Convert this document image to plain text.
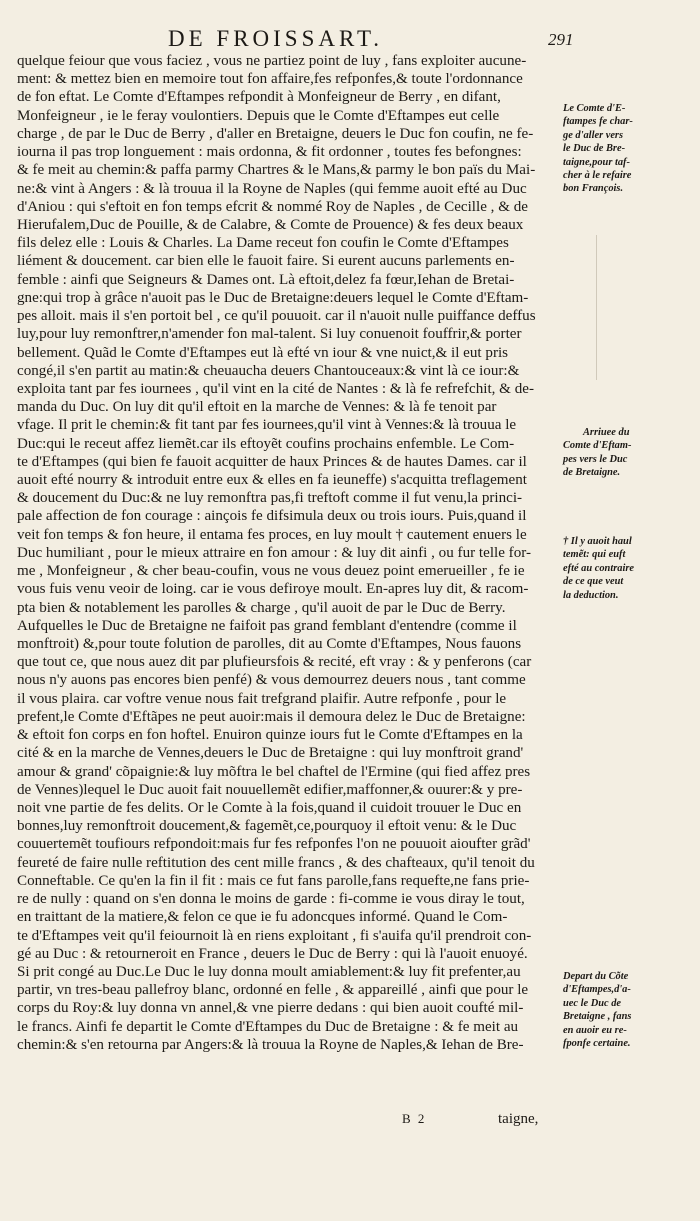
DE FROISSART.	291
quelque feiour que vous faciez , vous ne partiez point de luy , fans exploiter aucune-
ment: & mettez bien en memoire tout fon affaire,fes refponfes,& toute l'ordonnance
de fon eftat. Le Comte d'Eftampes refpondit à Monfeigneur de Berry , en difant,
Monfeigneur , ie le feray voulontiers. Depuis que le Comte d'Eftampes eut celle
charge , de par le Duc de Berry , d'aller en Bretaigne, deuers le Duc fon coufin, ne fe-
iourna il pas trop longuement : mais ordonna, & fit ordonner , toutes fes befongnes:
& fe meit au chemin:& paffa parmy Chartres & le Mans,& parmy le bon païs du Mai-
ne:& vint à Angers : & là trouua il la Royne de Naples (qui femme auoit efté au Duc
d'Aniou : qui s'eftoit en fon temps efcrit & nommé Roy de Naples , de Cecille , & de
Hierufalem,Duc de Pouille, & de Calabre, & Comte de Prouence) & fes deux beaux
fils delez elle : Louis & Charles. La Dame receut fon coufin le Comte d'Eftampes
liément & doucement. car bien elle le fauoit faire. Si eurent aucuns parlements en-
femble : ainfi que Seigneurs & Dames ont. Là eftoit,delez fa fœur,Iehan de Bretai-
gne:qui trop à grâce n'auoit pas le Duc de Bretaigne:deuers lequel le Comte d'Eftam-
pes alloit. mais il s'en portoit bel , ce qu'il pouuoit. car il n'auoit nulle puiffance deffus
luy,pour luy remonftrer,n'amender fon mal-talent. Si luy conuenoit fouffrir,& porter
bellement. Quãd le Comte d'Eftampes eut là efté vn iour & vne nuict,& il eut pris
congé,il s'en partit au matin:& cheuaucha deuers Chantouceaux:& vint là ce iour:&
exploita tant par fes iournees , qu'il vint en la cité de Nantes : & là fe refrefchit, & de-
manda du Duc. On luy dit qu'il eftoit en la marche de Vennes: & là fe tenoit par
vfage. Il prit le chemin:& fit tant par fes iournees,qu'il vint à Vennes:& là trouua le
Duc:qui le receut affez liemẽt.car ils eftoyẽt coufins prochains enfemble. Le Com-
te d'Eftampes (qui bien fe fauoit acquitter de haux Princes & de hautes Dames. car il
auoit efté nourry & introduit entre eux & elles en fa ieuneffe) s'acquitta treflagement
& doucement du Duc:& ne luy remonftra pas,fi treftoft comme il fut venu,la princi-
pale affection de fon courage : ainçois fe difsimula deux ou trois iours. Puis,quand il
veit fon temps & fon heure, il entama fes proces, en luy moult † cautement enuers le
Duc humiliant , pour le mieux attraire en fon amour : & luy dit ainfi , ou fur telle for-
me , Monfeigneur , & cher beau-coufin, vous ne vous deuez point emerueiller , fe ie
vous fuis venu veoir de loing. car ie vous defiroye moult. En-apres luy dit, & racom-
pta bien & notablement les parolles & charge , qu'il auoit de par le Duc de Berry.
Aufquelles le Duc de Bretaigne ne faifoit pas grand femblant d'entendre (comme il
monftroit) &,pour toute folution de parolles, dit au Comte d'Eftampes, Nous fauons
que tout ce, que nous auez dit par plufieursfois & recité, eft vray : & y penferons (car
nous n'y auons pas encores bien penfé) & vous demourrez deuers nous , tant comme
il vous plaira. car voftre venue nous fait trefgrand plaifir. Autre refponfe , pour le
prefent,le Comte d'Eftãpes ne peut auoir:mais il demoura delez le Duc de Bretaigne:
& eftoit fon corps en fon hoftel. Enuiron quinze iours fut le Comte d'Eftampes en la
cité & en la marche de Vennes,deuers le Duc de Bretaigne : qui luy monftroit grand'
amour & grand' cõpaignie:& luy mõftra le bel chaftel de l'Ermine (qui fied affez pres
de Vennes)lequel le Duc auoit fait nouuellemẽt edifier,maffonner,& ouurer:& y pre-
noit vne partie de fes delits. Or le Comte à la fois,quand il cuidoit trouuer le Duc en
bonnes,luy remonftroit doucement,& fagemẽt,ce,pourquoy il eftoit venu: & le Duc
couuertemẽt toufiours refpondoit:mais fur fes refponfes l'on ne pouuoit aioufter grãd'
feureté de faire nulle reftitution des cent mille francs , & des chafteaux, qu'il tenoit du
Conneftable. Ce qu'en la fin il fit : mais ce fut fans parolle,fans requefte,ne fans prie-
re de nully : quand on s'en donna le moins de garde : fi-comme ie vous diray le tout,
en traittant de la matiere,& felon ce que ie fu adoncques informé. Quand le Com-
te d'Eftampes veit qu'il feiournoit là en riens exploitant , fi s'auifa qu'il prendroit con-
gé au Duc : & retourneroit en France , deuers le Duc de Berry : qui là l'auoit enuoyé.
Si prit congé au Duc.Le Duc le luy donna moult amiablement:& luy fit prefenter,au
partir, vn tres-beau pallefroy blanc, ordonné en felle , & appareillé , ainfi que pour le
corps du Roy:& luy donna vn annel,& vne pierre dedans : qui bien auoit coufté mil-
le francs. Ainfi fe departit le Comte d'Eftampes du Duc de Bretaigne : & fe meit au
chemin:& s'en retourna par Angers:& là trouua la Royne de Naples,& Iehan de Bre-
Le Comte d'E-
ftampes fe char-
ge d'aller vers
le Duc de Bre-
taigne,pour taf-
cher à le refaire
bon François.
Arriuee du
Comte d'Eftam-
pes vers le Duc
de Bretaigne.
† Il y auoit haul
temẽt: qui euft
efté au contraire
de ce que veut
la deduction.
Depart du Cõte
d'Eftampes,d'a-
uec le Duc de
Bretaigne , fans
en auoir eu re-
fponfe certaine.
B 2	taigne,
